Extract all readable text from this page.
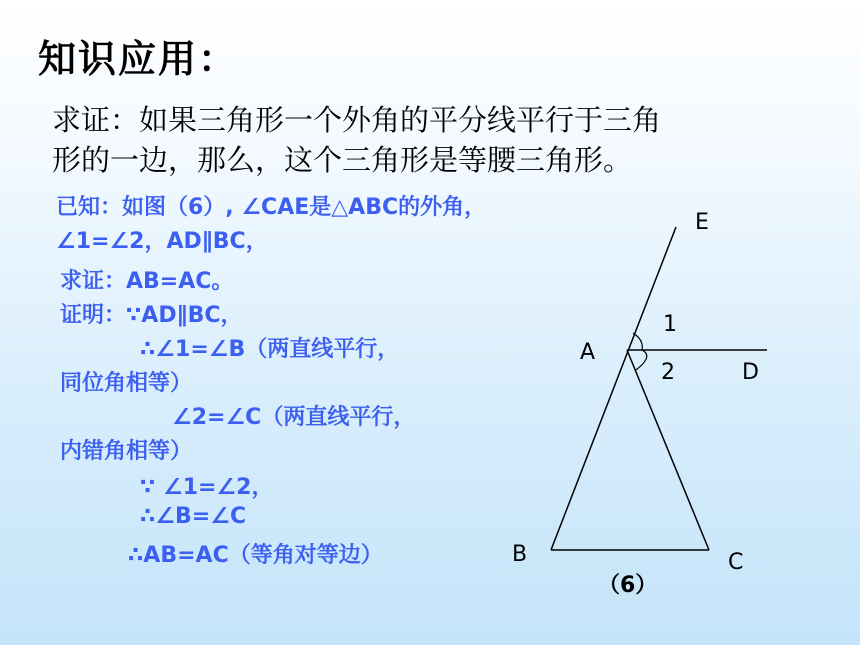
知识应用：
求证：如果三角形一个外角的平分线平行于三角
形的一边，那么，这个三角形是等腰三角形。
已知：如图（6）, ∠CAE是△ABC的外角，
∠1=∠2，AD∥BC，
求证：AB=AC。
证明：∵AD∥BC，
∴∠1=∠B（两直线平行，
同位角相等）
∠2=∠C（两直线平行，
内错角相等）
∵ ∠1=∠2，
∴∠B=∠C
∴AB=AC（等角对等边）
E
A
D
B	C
1
2
（6）
